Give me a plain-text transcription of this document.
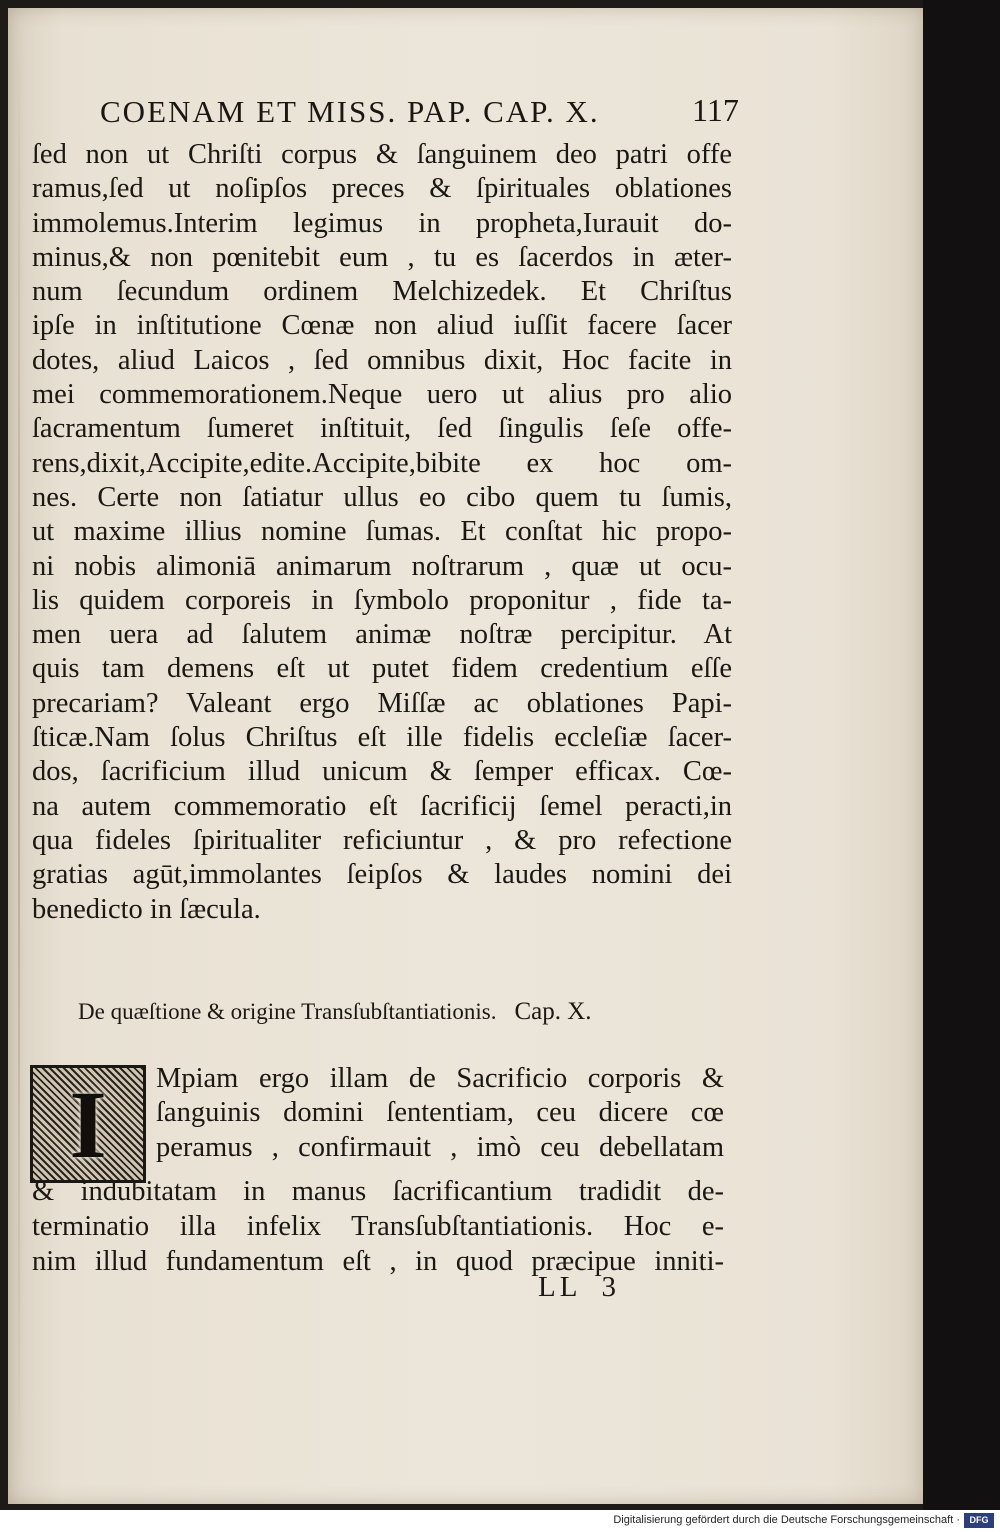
COENAM ET MISS. PAP. CAP. X.	117
ſed non ut Chriſti corpus & ſanguinem deo patri offe
ramus,ſed ut noſipſos preces & ſpirituales oblationes
immolemus.Interim legimus in propheta,Iurauit do-
minus,& non pœnitebit eum , tu es ſacerdos in æter-
num ſecundum ordinem Melchizedek. Et Chriſtus
ipſe in inſtitutione Cœnæ non aliud iuſſit facere ſacer
dotes, aliud Laicos , ſed omnibus dixit, Hoc facite in
mei commemorationem.Neque uero ut alius pro alio
ſacramentum ſumeret inſtituit, ſed ſingulis ſeſe offe-
rens,dixit,Accipite,edite.Accipite,bibite ex hoc om-
nes. Certe non ſatiatur ullus eo cibo quem tu ſumis,
ut maxime illius nomine ſumas. Et conſtat hic propo-
ni nobis alimoniā animarum noſtrarum , quæ ut ocu-
lis quidem corporeis in ſymbolo proponitur , fide ta-
men uera ad ſalutem animæ noſtræ percipitur. At
quis tam demens eſt ut putet fidem credentium eſſe
precariam? Valeant ergo Miſſæ ac oblationes Papi-
ſticæ.Nam ſolus Chriſtus eſt ille fidelis eccleſiæ ſacer-
dos, ſacrificium illud unicum & ſemper efficax. Cœ-
na autem commemoratio eſt ſacrificij ſemel peracti,in
qua fideles ſpiritualiter reficiuntur , & pro refectione
gratias agūt,immolantes ſeipſos & laudes nomini dei
benedicto in ſæcula.
De quæſtione & origine Transſubſtantiationis. Cap. X.
I	Mpiam ergo illam de Sacrificio corporis &
ſanguinis domini ſententiam, ceu dicere cœ
peramus , confirmauit , imò ceu debellatam
& indubitatam in manus ſacrificantium tradidit de-
terminatio illa infelix Transſubſtantiationis. Hoc e-
nim illud fundamentum eſt , in quod præcipue inniti-
LL 3
Digitalisierung gefördert durch die Deutsche Forschungsgemeinschaft ·	DFG
